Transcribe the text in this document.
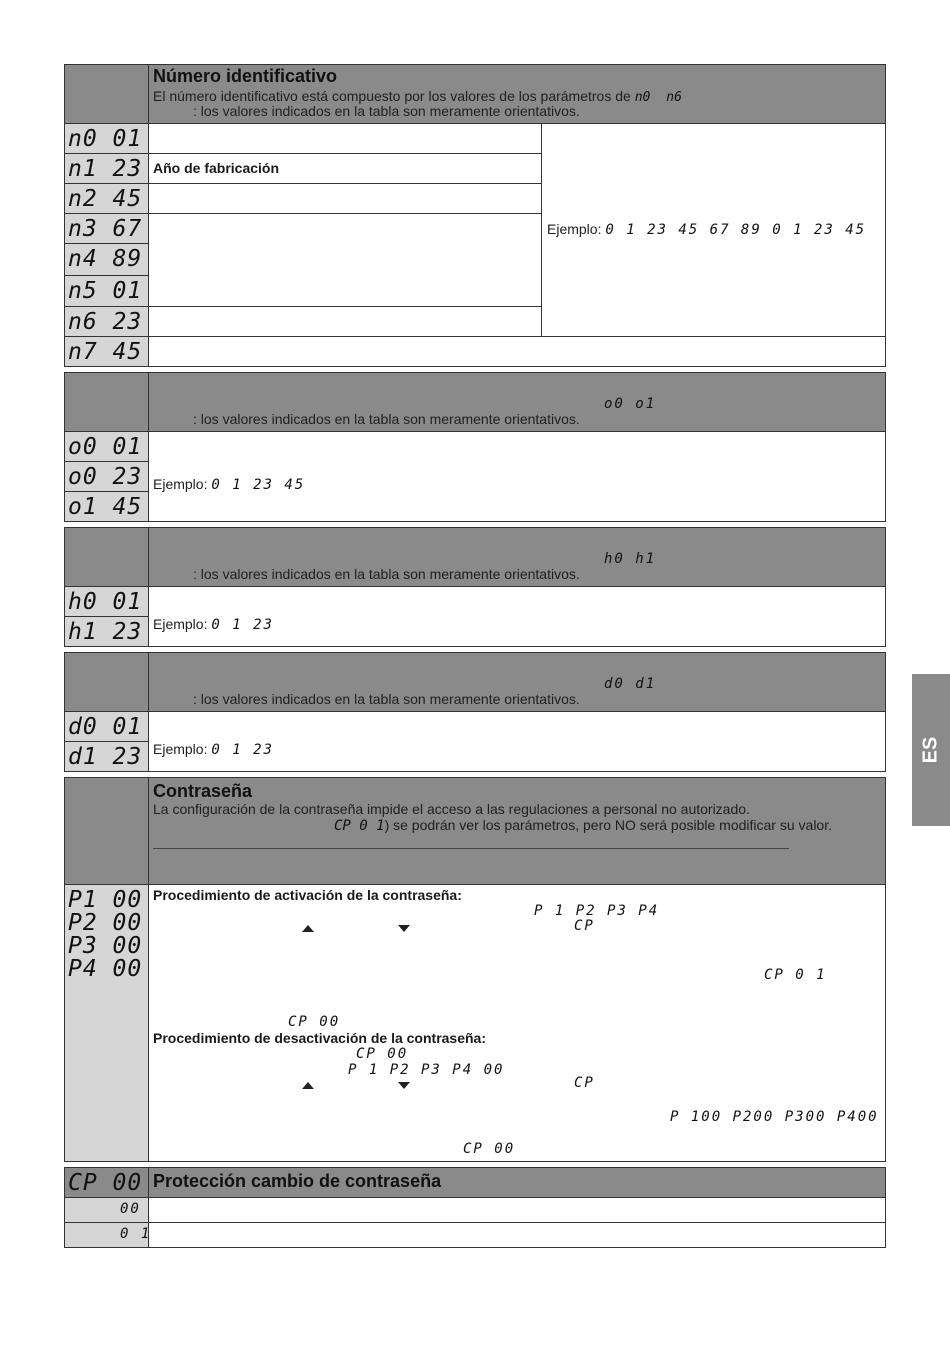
Número identificativo
El número identificativo está compuesto por los valores de los parámetros de n0 n6
: los valores indicados en la tabla son meramente orientativos.
n0 01
n1 23 Año de fabricación
n2 45
n3 67
n4 89
n5 01
n6 23
n7 45
Ejemplo: 0 1 23 45 67 89 0 1 23 45
o0 o1
: los valores indicados en la tabla son meramente orientativos.
o0 01
o0 23
o1 45
Ejemplo: 0 1 23 45
h0 h1
: los valores indicados en la tabla son meramente orientativos.
h0 01
h1 23 Ejemplo: 0 1 23
d0 d1
: los valores indicados en la tabla son meramente orientativos.
d0 01
d1 23 Ejemplo: 0 1 23
Contraseña
La configuración de la contraseña impide el acceso a las regulaciones a personal no autorizado.
CP 0 1) se podrán ver los parámetros, pero NO será posible modificar su valor.
P1 00
P2 00
P3 00
P4 00
Procedimiento de activación de la contraseña:
P 1 P2 P3 P4
CP
CP 0 1
CP 00
Procedimiento de desactivación de la contraseña:
CP 00
P 1 P2 P3 P4 00
CP
P 100 P200 P300 P400
CP 00
CP 00 Protección cambio de contraseña
00
0 1
ES
